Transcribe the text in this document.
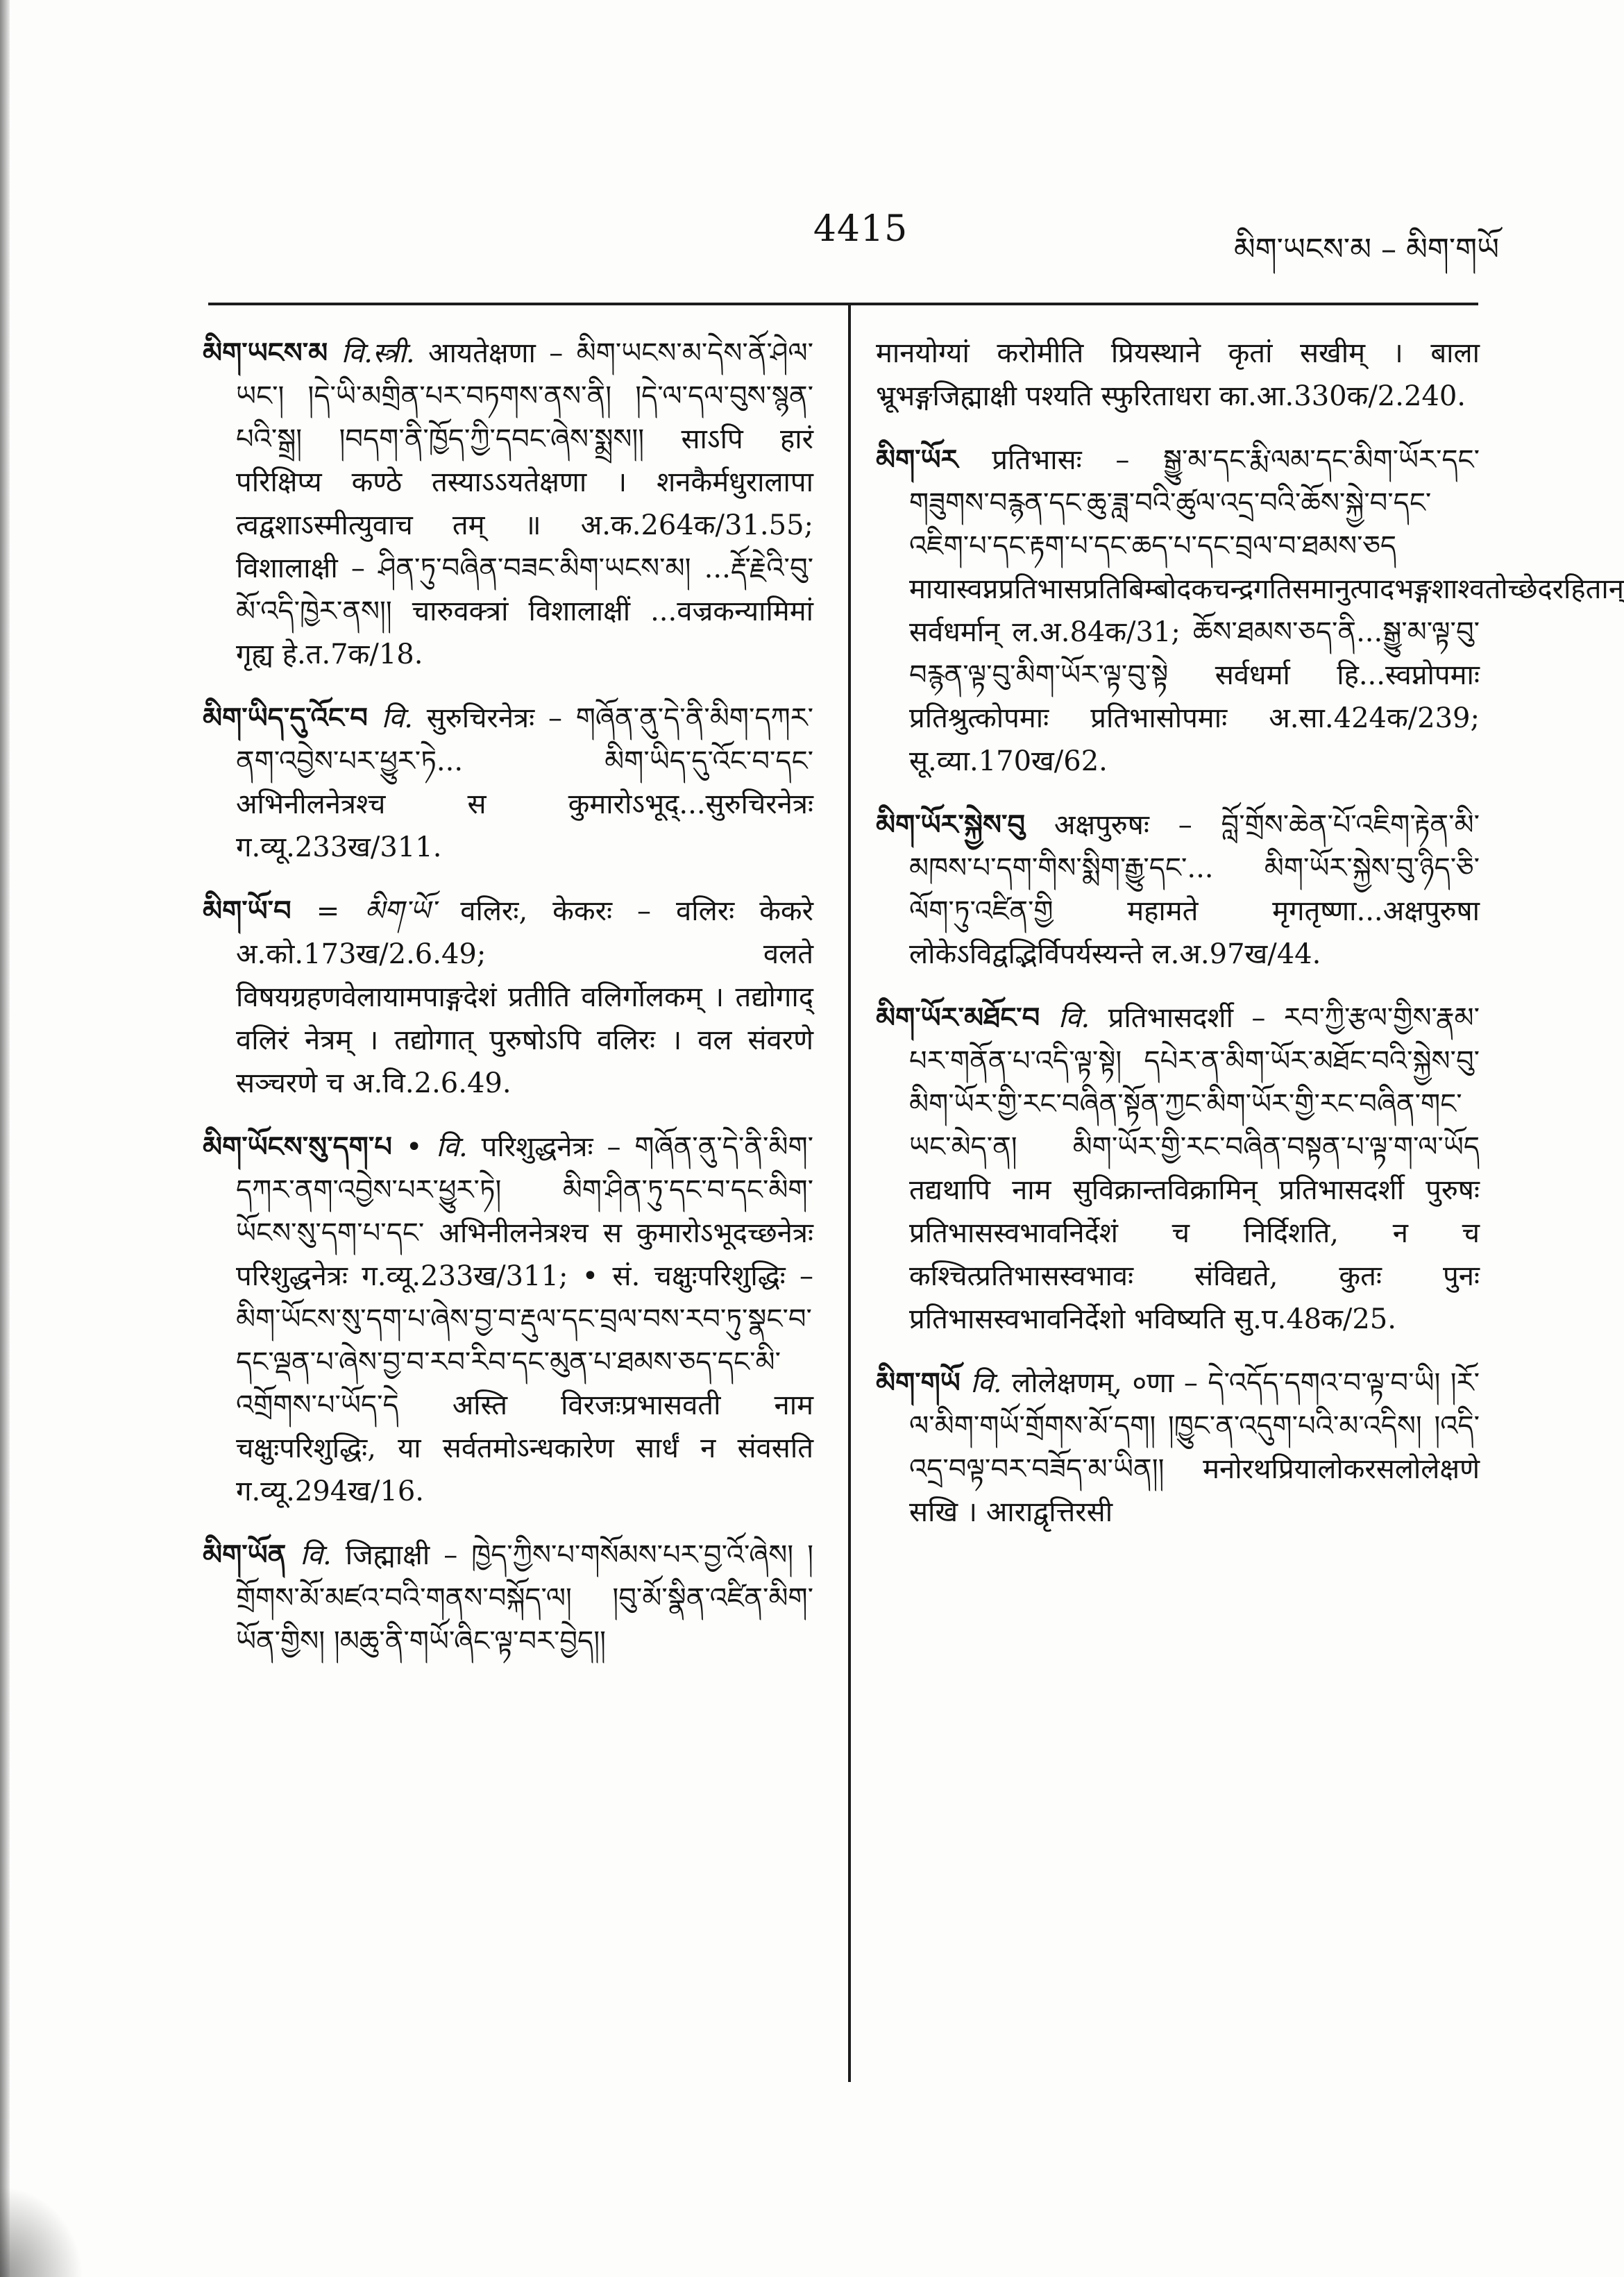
4415	མིག་ཡངས་མ – མིག་གཡོ

མིག་ཡངས་མ वि.स्त्री. आयतेक्षणा – མིག་ཡངས་མ་དེས་ནོ་ཤེལ་ཡང་། །དེ་ཡི་མགྲིན་པར་བཏགས་ནས་ནི། །དེ་ལ་དལ་བུས་སྙན་པའི་སྒྲ། །བདག་ནི་ཁྱོད་ཀྱི་དབང་ཞེས་སྨྲས།། साऽपि हारं परिक्षिप्य कण्ठे तस्याऽऽयतेक्षणा । शनकैर्मधुरालापा त्वद्वशाऽस्मीत्युवाच तम् ॥ अ.क.264क/31.55; विशालाक्षी – ཤིན་ཏུ་བཞིན་བཟང་མིག་ཡངས་མ། ...རྡོ་རྗེའི་བུ་མོ་འདི་ཁྱེར་ནས།། चारुवक्त्रां विशालाक्षीं ...वज्रकन्यामिमां गृह्य हे.त.7क/18.

མིག་ཡིད་དུ་འོང་བ वि. सुरुचिरनेत्रः – གཞོན་ནུ་དེ་ནི་མིག་དཀར་ནག་འབྱེས་པར་ཕྱུར་ཏེ... མིག་ཡིད་དུ་འོང་བ་དང་ अभिनीलनेत्रश्च स कुमारोऽभूद्...सुरुचिरनेत्रः ग.व्यू.233ख/311.

མིག་ཡོ་བ = མིག་ཡོ་ वलिरः, केकरः – वलिरः केकरे अ.को.173ख/2.6.49; वलते विषयग्रहणवेलायामपाङ्गदेशं प्रतीति वलिर्गोलकम् । तद्योगाद् वलिरं नेत्रम् । तद्योगात् पुरुषोऽपि वलिरः । वल संवरणे सञ्चरणे च अ.वि.2.6.49.

མིག་ཡོངས་སུ་དག་པ • वि. परिशुद्धनेत्रः – གཞོན་ནུ་དེ་ནི་མིག་དཀར་ནག་འབྱེས་པར་ཕྱུར་ཏེ། མིག་ཤིན་ཏུ་དང་བ་དང་མིག་ཡོངས་སུ་དག་པ་དང་ अभिनीलनेत्रश्च स कुमारोऽभूदच्छनेत्रः परिशुद्धनेत्रः ग.व्यू.233ख/311; • सं. चक्षुःपरिशुद्धिः – མིག་ཡོངས་སུ་དག་པ་ཞེས་བྱ་བ་རྡུལ་དང་བྲལ་བས་རབ་ཏུ་སྣང་བ་དང་ལྡན་པ་ཞེས་བྱ་བ་རབ་རིབ་དང་མུན་པ་ཐམས་ཅད་དང་མི་འགྲོགས་པ་ཡོད་དེ अस्ति विरजःप्रभासवती नाम चक्षुःपरिशुद्धिः, या सर्वतमोऽन्धकारेण सार्धं न संवसति ग.व्यू.294ख/16.

མིག་ཡོན वि. जिह्माक्षी – ཁྱེད་ཀྱིས་པ་གསོམས་པར་བྱ་འོ་ཞེས། །གྲོགས་མོ་མཛའ་བའི་གནས་བསྐོད་ལ། །བུ་མོ་སྣིན་འཛིན་མིག་ཡོན་གྱིས། །མཆུ་ནི་གཡོ་ཞིང་ལྟ་བར་བྱེད།།

मानयोग्यां करोमीति प्रियस्थाने कृतां सखीम् । बाला भ्रूभङ्गजिह्माक्षी पश्यति स्फुरिताधरा का.आ.330क/2.240.

མིག་ཡོར प्रतिभासः – སྒྱུ་མ་དང་རྨི་ལམ་དང་མིག་ཡོར་དང་གཟུགས་བརྙན་དང་ཆུ་ཟླ་བའི་ཚུལ་འདྲ་བའི་ཆོས་སྐྱེ་བ་དང་འཇིག་པ་དང་རྟག་པ་དང་ཆད་པ་དང་བྲལ་བ་ཐམས་ཅད मायास्वप्नप्रतिभासप्रतिबिम्बोदकचन्द्रगतिसमानुत्पादभङ्गशाश्वतोच्छेदरहितान् सर्वधर्मान् ल.अ.84क/31; ཆོས་ཐམས་ཅད་ནི...སྒྱུ་མ་ལྟ་བུ་བརྙན་ལྟ་བུ་མིག་ཡོར་ལྟ་བུ་སྟེ सर्वधर्मा हि...स्वप्नोपमाः प्रतिश्रुत्कोपमाः प्रतिभासोपमाः अ.सा.424क/239; सू.व्या.170ख/62.

མིག་ཡོར་སྐྱེས་བུ अक्षपुरुषः – བློ་གྲོས་ཆེན་པོ་འཇིག་རྟེན་མི་མཁས་པ་དག་གིས་སྨིག་རྒྱུ་དང་... མིག་ཡོར་སྐྱེས་བུ་ཉིད་ཅི་ལོག་ཏུ་འཛིན་གྱི महामते मृगतृष्णा...अक्षपुरुषा लोकेऽविद्वद्भिर्विपर्यस्यन्ते ल.अ.97ख/44.

མིག་ཡོར་མཐོང་བ वि. प्रतिभासदर्शी – རབ་ཀྱི་རྩལ་གྱིས་རྣམ་པར་གནོན་པ་འདི་ལྟ་སྟེ། དཔེར་ན་མིག་ཡོར་མཐོང་བའི་སྐྱེས་བུ་མིག་ཡོར་གྱི་རང་བཞིན་སྟོན་ཀྱང་མིག་ཡོར་གྱི་རང་བཞིན་གང་ཡང་མེད་ན། མིག་ཡོར་གྱི་རང་བཞིན་བསྟན་པ་ལྟ་ག་ལ་ཡོད तद्यथापि नाम सुविक्रान्तविक्रामिन् प्रतिभासदर्शी पुरुषः प्रतिभासस्वभावनिर्देशं च निर्दिशति, न च कश्चित्प्रतिभासस्वभावः संविद्यते, कुतः पुनः प्रतिभासस्वभावनिर्देशो भविष्यति सु.प.48क/25.

མིག་གཡོ वि. लोलेक्षणम्, ०णा – དེ་འདོད་དགའ་བ་ལྟ་བ་ཡི། །རོ་ལ་མིག་གཡོ་གྲོགས་མོ་དག། །ཁྱུང་ན་འདུག་པའི་མ་འདིས། །འདི་འདྲ་བལྟ་བར་བཟོད་མ་ཡིན།། मनोरथप्रियालोकरसलोलेक्षणे सखि । आराद्वृत्तिरसी
